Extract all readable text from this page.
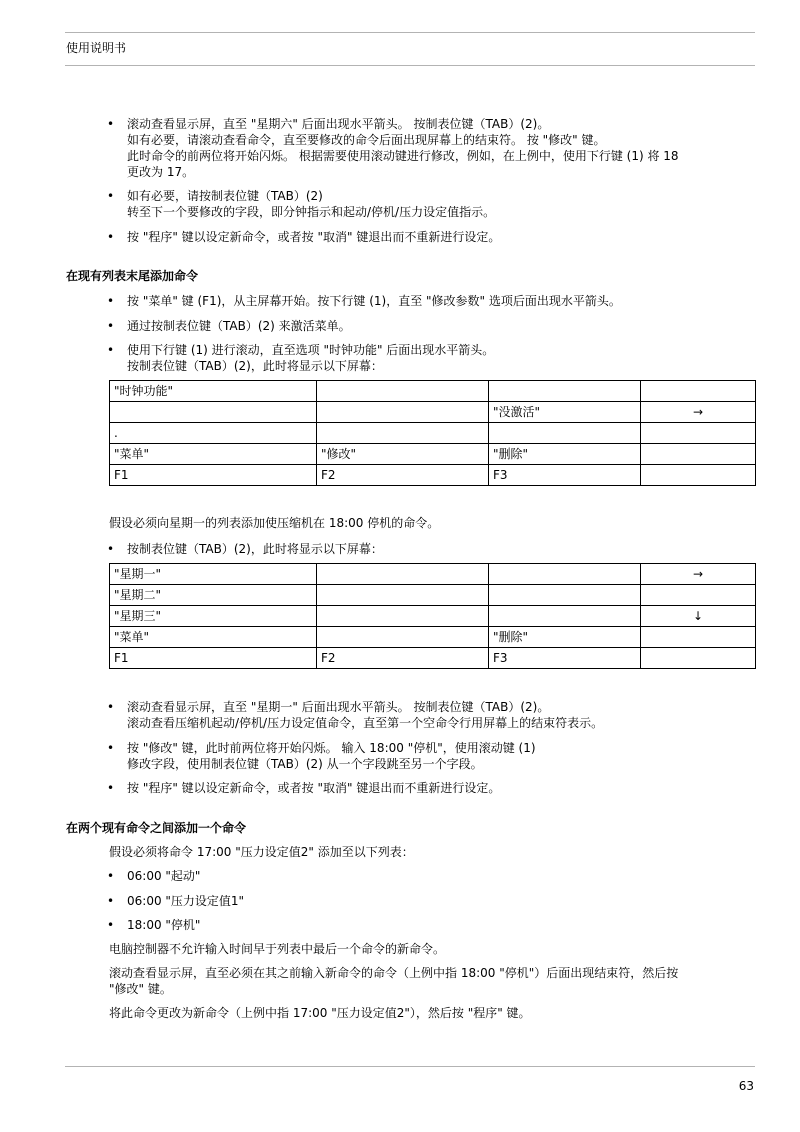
使用说明书
滚动查看显示屏，直至 "星期六" 后面出现水平箭头。 按制表位键（TAB）(2)。
如有必要，请滚动查看命令，直至要修改的命令后面出现屏幕上的结束符。 按 "修改" 键。
此时命令的前两位将开始闪烁。 根据需要使用滚动键进行修改，例如，在上例中，使用下行键 (1) 将 18
更改为 17。
如有必要，请按制表位键（TAB）(2)
转至下一个要修改的字段，即分钟指示和起动/停机/压力设定值指示。
按 "程序" 键以设定新命令，或者按 "取消" 键退出而不重新进行设定。
在现有列表末尾添加命令
按 "菜单" 键 (F1)，从主屏幕开始。按下行键 (1)，直至 "修改参数" 选项后面出现水平箭头。
通过按制表位键（TAB）(2) 来激活菜单。
使用下行键 (1) 进行滚动，直至选项 "时钟功能" 后面出现水平箭头。
按制表位键（TAB）(2)，此时将显示以下屏幕：
"时钟功能"			
		"没激活"	→
.			
"菜单"	"修改"	"删除"	
F1	F2	F3	
假设必须向星期一的列表添加使压缩机在 18:00 停机的命令。
按制表位键（TAB）(2)，此时将显示以下屏幕：
"星期一"			→
"星期二"			
"星期三"			↓
"菜单"		"删除"	
F1	F2	F3	
滚动查看显示屏，直至 "星期一" 后面出现水平箭头。 按制表位键（TAB）(2)。
滚动查看压缩机起动/停机/压力设定值命令，直至第一个空命令行用屏幕上的结束符表示。
按 "修改" 键，此时前两位将开始闪烁。 输入 18:00 "停机"，使用滚动键 (1)
修改字段，使用制表位键（TAB）(2) 从一个字段跳至另一个字段。
按 "程序" 键以设定新命令，或者按 "取消" 键退出而不重新进行设定。
在两个现有命令之间添加一个命令
假设必须将命令 17:00 "压力设定值2" 添加至以下列表：
06:00 "起动"
06:00 "压力设定值1"
18:00 "停机"
电脑控制器不允许输入时间早于列表中最后一个命令的新命令。
滚动查看显示屏，直至必须在其之前输入新命令的命令（上例中指 18:00 "停机"）后面出现结束符，然后按
"修改" 键。
将此命令更改为新命令（上例中指 17:00 "压力设定值2"），然后按 "程序" 键。
63
